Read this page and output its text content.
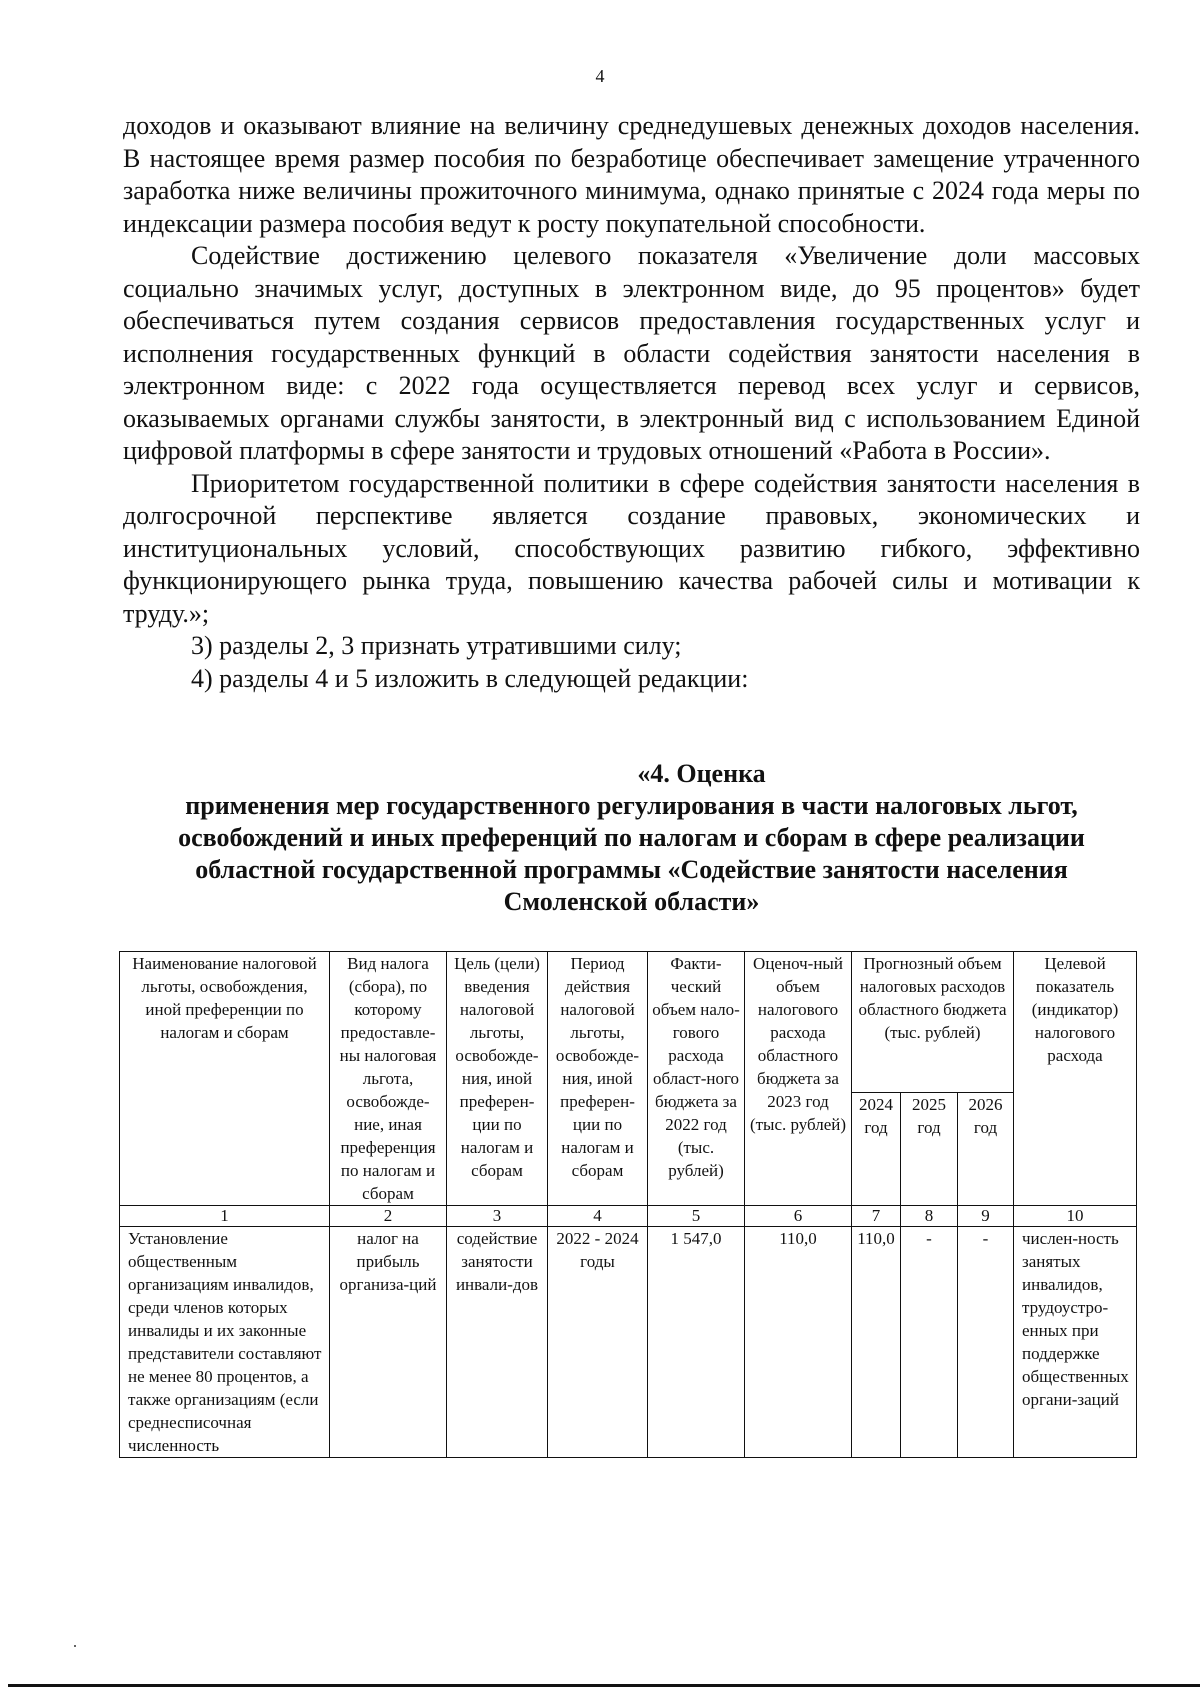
4

доходов и оказывают влияние на величину среднедушевых денежных доходов населения. В настоящее время размер пособия по безработице обеспечивает замещение утраченного заработка ниже величины прожиточного минимума, однако принятые с 2024 года меры по индексации размера пособия ведут к росту покупательной способности.

Содействие достижению целевого показателя «Увеличение доли массовых социально значимых услуг, доступных в электронном виде, до 95 процентов» будет обеспечиваться путем создания сервисов предоставления государственных услуг и исполнения государственных функций в области содействия занятости населения в электронном виде: с 2022 года осуществляется перевод всех услуг и сервисов, оказываемых органами службы занятости, в электронный вид с использованием Единой цифровой платформы в сфере занятости и трудовых отношений «Работа в России».

Приоритетом государственной политики в сфере содействия занятости населения в долгосрочной перспективе является создание правовых, экономических и институциональных условий, способствующих развитию гибкого, эффективно функционирующего рынка труда, повышению качества рабочей силы и мотивации к труду.»;

3) разделы 2, 3 признать утратившими силу;

4) разделы 4 и 5 изложить в следующей редакции:

«4. Оценка
применения мер государственного регулирования в части налоговых льгот, освобождений и иных преференций по налогам и сборам в сфере реализации областной государственной программы «Содействие занятости населения Смоленской области»
Наименование налоговой льготы, освобождения, иной преференции по налогам и сборам	Вид налога (сбора), по которому предоставле-ны налоговая льгота, освобожде-ние, иная преференция по налогам и сборам	Цель (цели) введения налоговой льготы, освобожде-ния, иной преферен-ции по налогам и сборам	Период действия налоговой льготы, освобожде-ния, иной преферен-ции по налогам и сборам	Факти-ческий объем нало-гового расхода област-ного бюджета за 2022 год (тыс. рублей)	Оценоч-ный объем налогового расхода областного бюджета за 2023 год (тыс. рублей)	Прогнозный объем налоговых расходов областного бюджета (тыс. рублей)			Целевой показатель (индикатор) налогового расхода
						2024 год	2025 год	2026 год	
1	2	3	4	5	6	7	8	9	10
Установление общественным организациям инвалидов, среди членов которых инвалиды и их законные представители составляют не менее 80 процентов, а также организациям (если среднесписочная численность	налог на прибыль организа-ций	содействие занятости инвали-дов	2022 - 2024 годы	1 547,0	110,0	110,0	-	-	числен-ность занятых инвалидов, трудоустро-енных при поддержке общественных органи-заций
